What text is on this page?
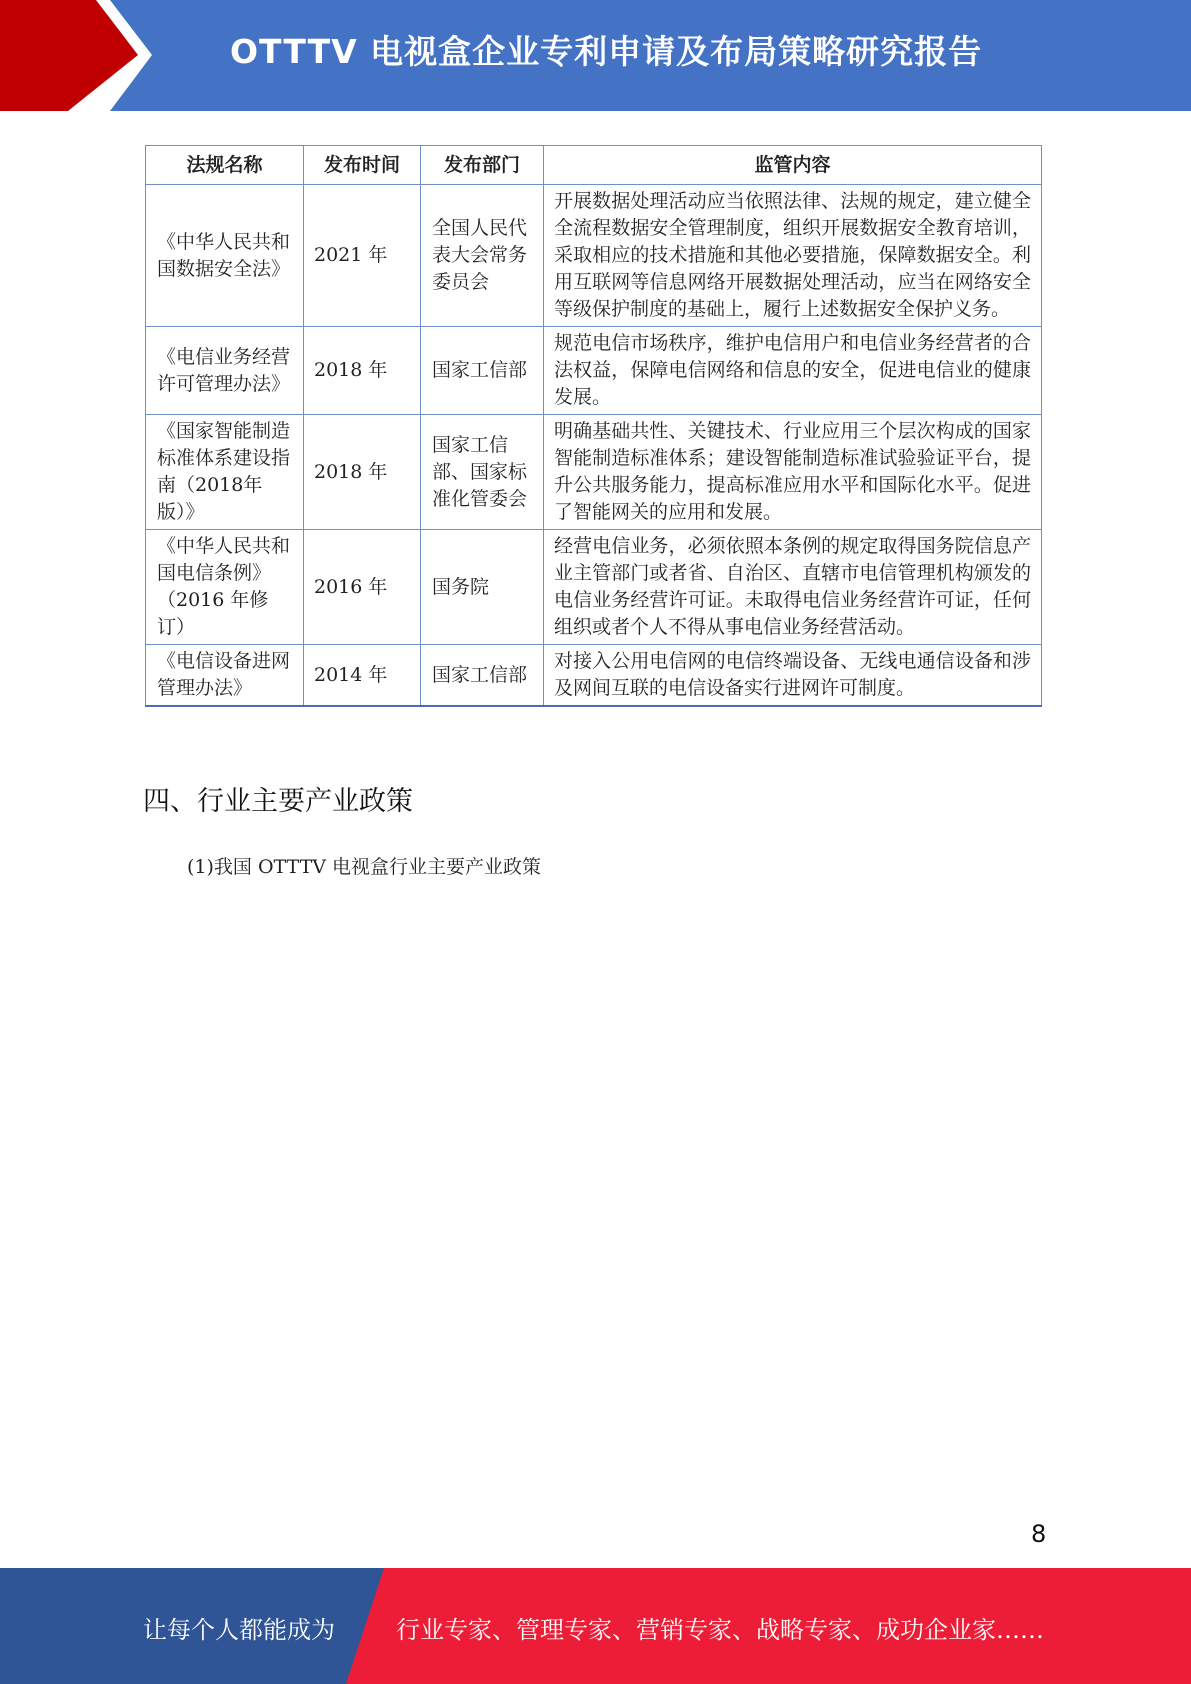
OTTTV 电视盒企业专利申请及布局策略研究报告
法规名称	发布时间	发布部门	监管内容
《中华人民共和国数据安全法》	2021 年	全国人民代表大会常务委员会	开展数据处理活动应当依照法律、法规的规定，建立健全全流程数据安全管理制度，组织开展数据安全教育培训，采取相应的技术措施和其他必要措施，保障数据安全。利用互联网等信息网络开展数据处理活动，应当在网络安全等级保护制度的基础上，履行上述数据安全保护义务。
《电信业务经营许可管理办法》	2018 年	国家工信部	规范电信市场秩序，维护电信用户和电信业务经营者的合法权益，保障电信网络和信息的安全，促进电信业的健康发展。
《国家智能制造标准体系建设指南（2018年版）》	2018 年	国家工信部、国家标准化管委会	明确基础共性、关键技术、行业应用三个层次构成的国家智能制造标准体系；建设智能制造标准试验验证平台，提升公共服务能力，提高标准应用水平和国际化水平。促进了智能网关的应用和发展。
《中华人民共和国电信条例》（2016 年修订）	2016 年	国务院	经营电信业务，必须依照本条例的规定取得国务院信息产业主管部门或者省、自治区、直辖市电信管理机构颁发的电信业务经营许可证。未取得电信业务经营许可证，任何组织或者个人不得从事电信业务经营活动。
《电信设备进网管理办法》	2014 年	国家工信部	对接入公用电信网的电信终端设备、无线电通信设备和涉及网间互联的电信设备实行进网许可制度。
四、行业主要产业政策
(1)我国 OTTTV 电视盒行业主要产业政策
8
让每个人都能成为	行业专家、管理专家、营销专家、战略专家、成功企业家……
